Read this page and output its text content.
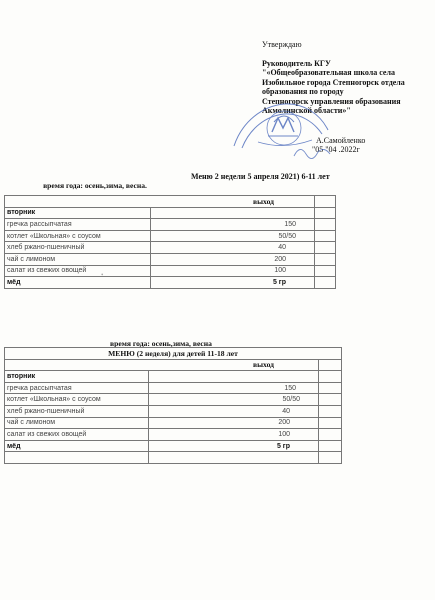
Утверждаю
Руководитель КГУ
"«Общеобразовательная школа села
Изобильное города Степногорск отдела
образования по городу
Степногорск управления образования
Акмолинской области»"
А.Самойленко
"05 "04 .2022г
Меню 2 недели 5 апреля 2021) 6-11 лет
время года: осень,зима, весна.
выход		
вторник		
гречка рассыпчатая	150	
котлет «Школьная» с соусом	50/50	
хлеб ржано-пшеничный	40	
чай с лимоном	200	
салат из свежих овощей	100	
мёд	5 гр	
•
время года: осень,зима, весна
МЕНЮ (2 неделя) для детей 11-18 лет		
выход		
вторник		
гречка рассыпчатая	150	
котлет «Школьная» с соусом	50/50	
хлеб ржано-пшеничный	40	
чай с лимоном	200	
салат из свежих овощей	100	
мёд	5 гр	
